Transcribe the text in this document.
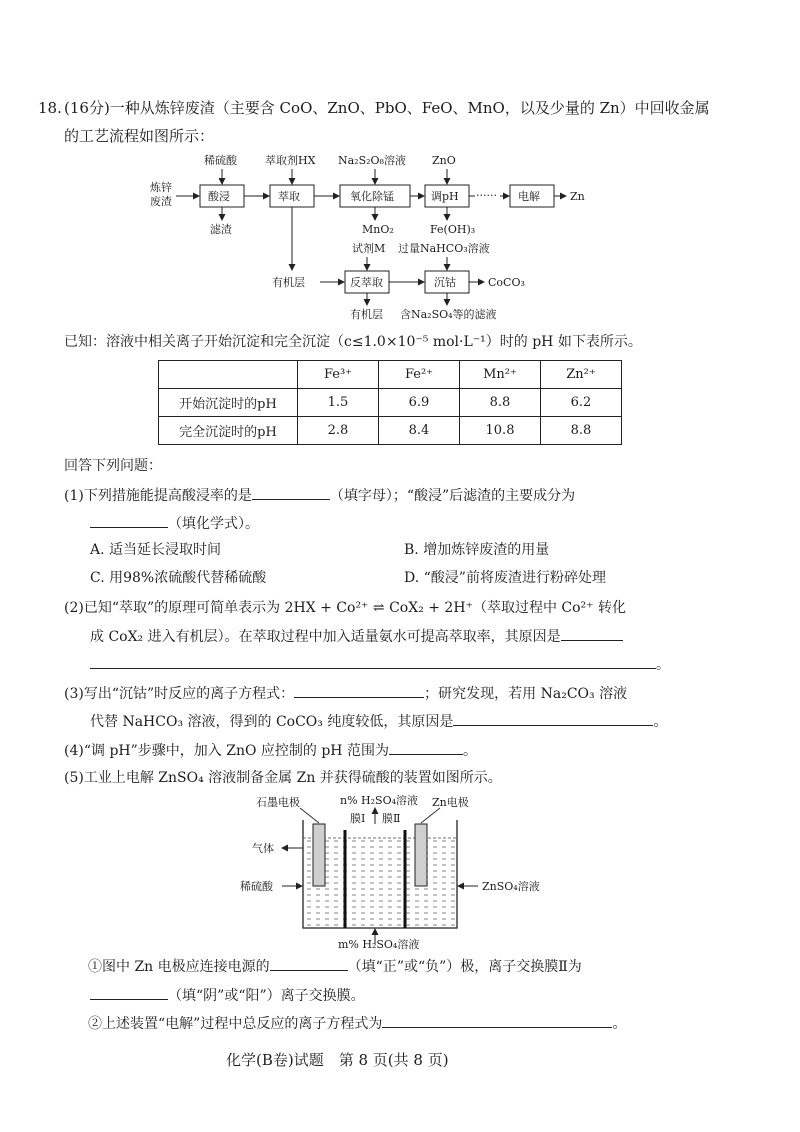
18. (16分)一种从炼锌废渣（主要含 CoO、ZnO、PbO、FeO、MnO，以及少量的 Zn）中回收金属
的工艺流程如图所示：
炼锌
废渣
稀硫酸	萃取剂HX Na₂S₂O₈溶液 ZnO
酸浸	萃取	氧化除锰	调pH ······ 电解	Zn
滤渣	MnO₂	Fe(OH)₃
试剂M 过量NaHCO₃溶液
有机层	反萃取	沉钴	CoCO₃
有机层 含Na₂SO₄等的滤液
已知：溶液中相关离子开始沉淀和完全沉淀（c≤1.0×10⁻⁵ mol·L⁻¹）时的 pH 如下表所示。
	Fe³⁺	Fe²⁺	Mn²⁺	Zn²⁺
开始沉淀时的pH	1.5	6.9	8.8	6.2
完全沉淀时的pH	2.8	8.4	10.8	8.8
回答下列问题：
(1)下列措施能提高酸浸率的是	（填字母）；“酸浸”后滤渣的主要成分为
（填化学式）。
A. 适当延长浸取时间	B. 增加炼锌废渣的用量
C. 用98%浓硫酸代替稀硫酸	D. “酸浸”前将废渣进行粉碎处理
(2)已知“萃取”的原理可简单表示为 2HX + Co²⁺ ⇌ CoX₂ + 2H⁺（萃取过程中 Co²⁺ 转化
成 CoX₂ 进入有机层）。在萃取过程中加入适量氨水可提高萃取率，其原因是
。
(3)写出“沉钴”时反应的离子方程式：	；研究发现，若用 Na₂CO₃ 溶液
代替 NaHCO₃ 溶液，得到的 CoCO₃ 纯度较低，其原因是	。
(4)“调 pH”步骤中，加入 ZnO 应控制的 pH 范围为	。
(5)工业上电解 ZnSO₄ 溶液制备金属 Zn 并获得硫酸的装置如图所示。
石墨电极	n% H₂SO₄溶液 Zn电极
膜Ⅰ 膜Ⅱ
气体
稀硫酸	ZnSO₄溶液
m% H₂SO₄溶液
①图中 Zn 电极应连接电源的	（填“正”或“负”）极，离子交换膜Ⅱ为
（填“阴”或“阳”）离子交换膜。
②上述装置“电解”过程中总反应的离子方程式为	。
化学(B卷)试题　第 8 页(共 8 页)
